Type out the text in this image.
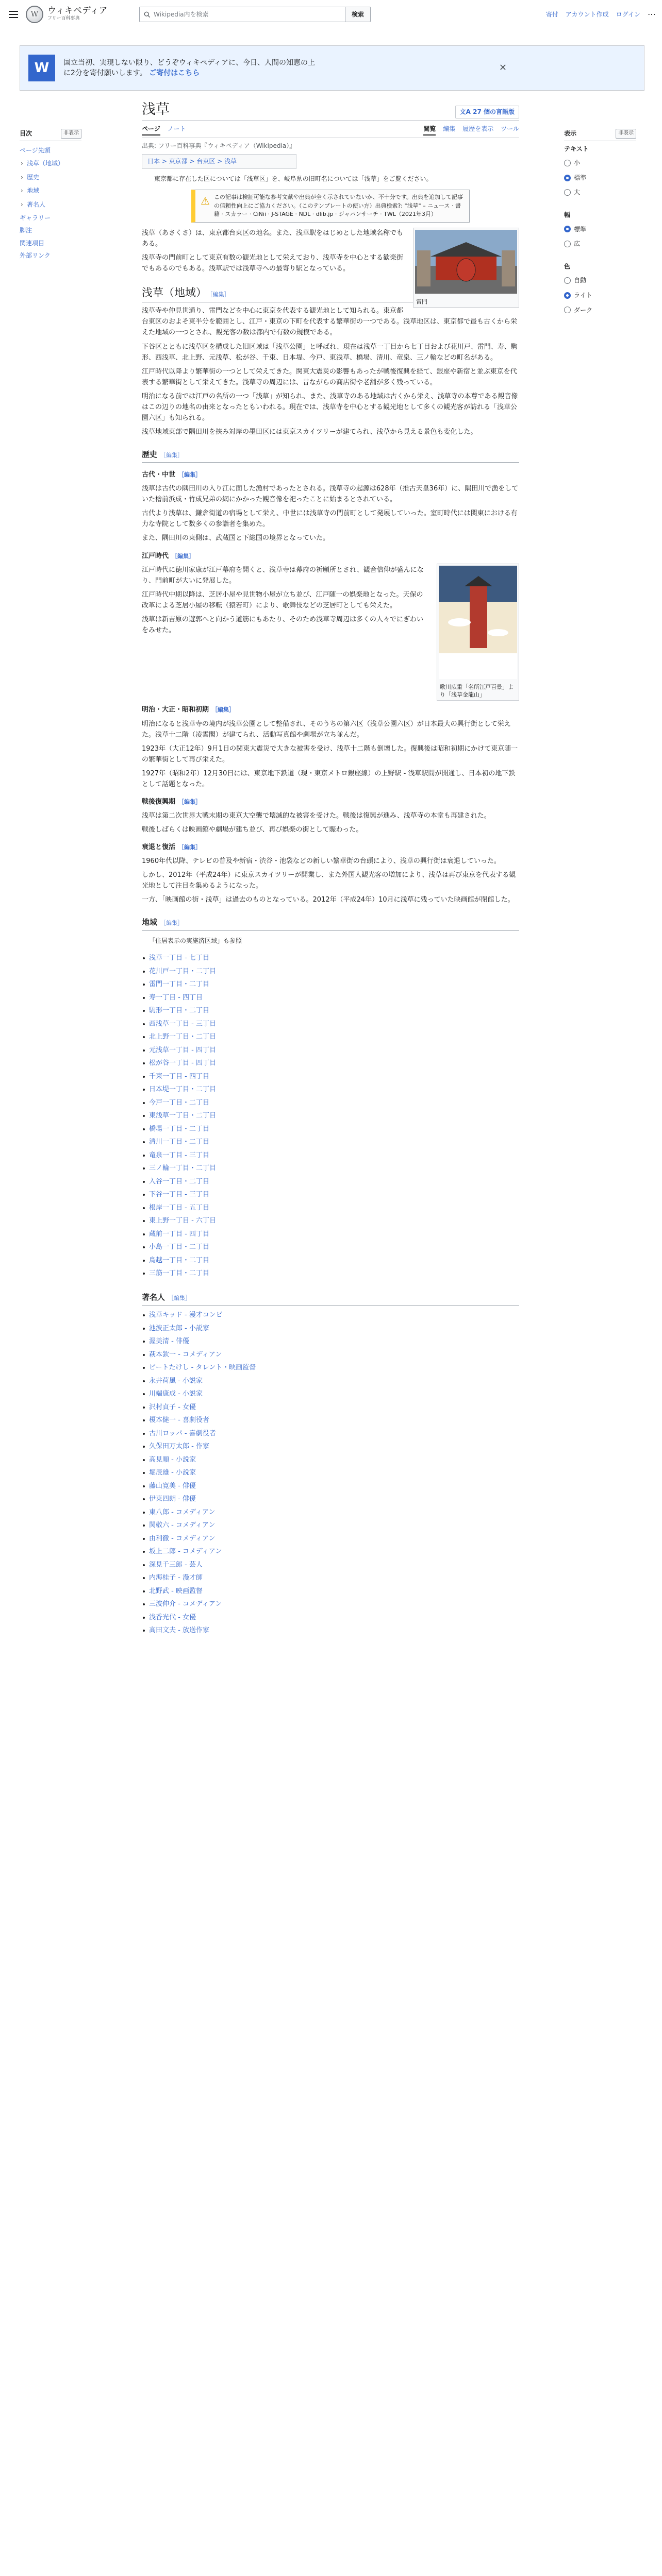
W	ウィキペディア
フリー百科事典
Wikipedia内を検索	検索	寄付 アカウント作成 ログイン ⋯
W	国立当初、実現しない限り、どうぞウィキペディアに、今日、人間の知恵の上に2分を寄付願いします。 ご寄付はこちら	✕
目次	非表示
ページ先頭
› 浅草（地域）
› 歴史
› 地域
› 著名人
ギャラリー
脚注
関連項目
外部リンク
表示	非表示
テキスト
小
標準
大
幅
標準
広
色
自動
ライト
ダーク
浅草	文A 27 個の言語版
ページ ノート	閲覧 編集 履歴を表示 ツール
出典: フリー百科事典『ウィキペディア（Wikipedia）』
日本 > 東京都 > 台東区 > 浅草
東京都に存在した区については「浅草区」を、岐阜県の旧町名については「浅草」をご覧ください。
⚠ この記事は検証可能な参考文献や出典が全く示されていないか、不十分です。出典を追加して記事の信頼性向上にご協力ください。（このテンプレートの使い方）出典検索?: "浅草" – ニュース · 書籍 · スカラー · CiNii · J-STAGE · NDL · dlib.jp · ジャパンサーチ · TWL（2021年3月）
雷門

浅草（あさくさ）は、東京都台東区の地名。また、浅草駅をはじめとした地域名称でもある。

浅草寺の門前町として東京有数の観光地として栄えており、浅草寺を中心とする歓楽街でもあるのでもある。浅草駅では浅草寺への最寄り駅となっている。

浅草（地域） ［編集］

浅草寺や仲見世通り、雷門などを中心に東京を代表する観光地として知られる。東京都台東区のおよそ東半分を範囲とし、江戸・東京の下町を代表する繁華街の一つである。浅草地区は、東京都で最も古くから栄えた地域の一つとされ、観光客の数は都内で有数の規模である。

下谷区とともに浅草区を構成した旧区域は「浅草公園」と呼ばれ、現在は浅草一丁目から七丁目および花川戸、雷門、寿、駒形、西浅草、北上野、元浅草、松が谷、千束、日本堤、今戸、東浅草、橋場、清川、竜泉、三ノ輪などの町名がある。

江戸時代以降より繁華街の一つとして栄えてきた。関東大震災の影響もあったが戦後復興を経て、銀座や新宿と並ぶ東京を代表する繁華街として栄えてきた。浅草寺の周辺には、昔ながらの商店街や老舗が多く残っている。

明治になる前では江戸の名所の一つ「浅草」が知られ、また、浅草寺のある地域は古くから栄え、浅草寺の本尊である観音像はこの辺りの地名の由来となったともいわれる。現在では、浅草寺を中心とする観光地として多くの観光客が訪れる「浅草公園六区」も知られる。

浅草地域東部で隅田川を挟み対岸の墨田区には東京スカイツリーが建てられ、浅草から見える景色も変化した。

歴史 ［編集］
古代・中世 ［編集］

浅草は古代の隅田川の入り江に面した漁村であったとされる。浅草寺の起源は628年（推古天皇36年）に、隅田川で漁をしていた檜前浜成・竹成兄弟の網にかかった観音像を祀ったことに始まるとされている。

古代より浅草は、鎌倉街道の宿場として栄え、中世には浅草寺の門前町として発展していった。室町時代には関東における有力な寺院として数多くの参詣者を集めた。

また、隅田川の東側は、武蔵国と下総国の境界となっていた。

江戸時代 ［編集］
歌川広重「名所江戸百景」より「浅草金龍山」

江戸時代に徳川家康が江戸幕府を開くと、浅草寺は幕府の祈願所とされ、観音信仰が盛んになり、門前町が大いに発展した。

江戸時代中期以降は、芝居小屋や見世物小屋が立ち並び、江戸随一の娯楽地となった。天保の改革による芝居小屋の移転（猿若町）により、歌舞伎などの芝居町としても栄えた。

浅草は新吉原の遊郭へと向かう道筋にもあたり、そのため浅草寺周辺は多くの人々でにぎわいをみせた。

明治・大正・昭和初期 ［編集］

明治になると浅草寺の境内が浅草公園として整備され、そのうちの第六区（浅草公園六区）が日本最大の興行街として栄えた。浅草十二階（凌雲閣）が建てられ、活動写真館や劇場が立ち並んだ。

1923年（大正12年）9月1日の関東大震災で大きな被害を受け、浅草十二階も倒壊した。復興後は昭和初期にかけて東京随一の繁華街として再び栄えた。

1927年（昭和2年）12月30日には、東京地下鉄道（現・東京メトロ銀座線）の上野駅 - 浅草駅間が開通し、日本初の地下鉄として話題となった。

戦後復興期 ［編集］

浅草は第二次世界大戦末期の東京大空襲で壊滅的な被害を受けた。戦後は復興が進み、浅草寺の本堂も再建された。

戦後しばらくは映画館や劇場が建ち並び、再び娯楽の街として賑わった。

衰退と復活 ［編集］

1960年代以降、テレビの普及や新宿・渋谷・池袋などの新しい繁華街の台頭により、浅草の興行街は衰退していった。

しかし、2012年（平成24年）に東京スカイツリーが開業し、また外国人観光客の増加により、浅草は再び東京を代表する観光地として注目を集めるようになった。

一方、「映画館の街・浅草」は過去のものとなっている。2012年（平成24年）10月に浅草に残っていた映画館が閉館した。

地域 ［編集］
「住居表示の実施済区域」も参照
浅草一丁目 - 七丁目
花川戸一丁目・二丁目
雷門一丁目・二丁目
寿一丁目 - 四丁目
駒形一丁目・二丁目
西浅草一丁目 - 三丁目
北上野一丁目・二丁目
元浅草一丁目 - 四丁目
松が谷一丁目 - 四丁目
千束一丁目 - 四丁目
日本堤一丁目・二丁目
今戸一丁目・二丁目
東浅草一丁目・二丁目
橋場一丁目・二丁目
清川一丁目・二丁目
竜泉一丁目 - 三丁目
三ノ輪一丁目・二丁目
入谷一丁目・二丁目
下谷一丁目 - 三丁目
根岸一丁目 - 五丁目
東上野一丁目 - 六丁目
蔵前一丁目 - 四丁目
小島一丁目・二丁目
鳥越一丁目・二丁目
三筋一丁目・二丁目
著名人 ［編集］
浅草キッド - 漫才コンビ
池波正太郎 - 小説家
渥美清 - 俳優
萩本欽一 - コメディアン
ビートたけし - タレント・映画監督
永井荷風 - 小説家
川端康成 - 小説家
沢村貞子 - 女優
榎本健一 - 喜劇役者
古川ロッパ - 喜劇役者
久保田万太郎 - 作家
高見順 - 小説家
堀辰雄 - 小説家
藤山寛美 - 俳優
伊東四朗 - 俳優
東八郎 - コメディアン
関敬六 - コメディアン
由利徹 - コメディアン
坂上二郎 - コメディアン
深見千三郎 - 芸人
内海桂子 - 漫才師
北野武 - 映画監督
三波伸介 - コメディアン
浅香光代 - 女優
高田文夫 - 放送作家
